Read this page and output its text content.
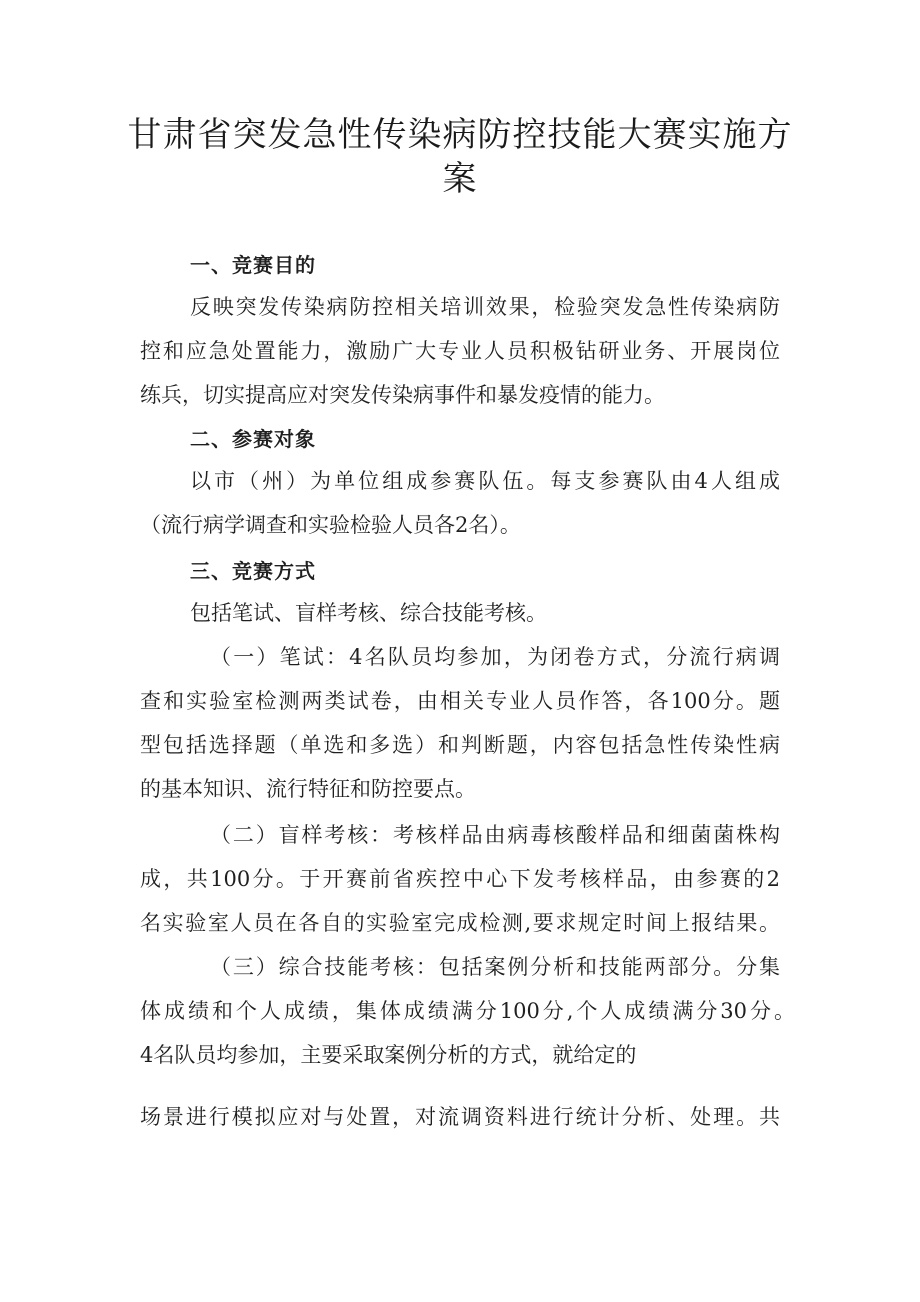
甘肃省突发急性传染病防控技能大赛实施方
案

一、竞赛目的

反映突发传染病防控相关培训效果，检验突发急性传染病防

控和应急处置能力，激励广大专业人员积极钻研业务、开展岗位

练兵，切实提高应对突发传染病事件和暴发疫情的能力。

二、参赛对象

以市（州）为单位组成参赛队伍。每支参赛队由4人组成

（流行病学调查和实验检验人员各2名）。

三、竞赛方式

包括笔试、盲样考核、综合技能考核。

（一）笔试：4名队员均参加，为闭卷方式，分流行病调

查和实验室检测两类试卷，由相关专业人员作答，各100分。题

型包括选择题（单选和多选）和判断题，内容包括急性传染性病

的基本知识、流行特征和防控要点。

（二）盲样考核：考核样品由病毒核酸样品和细菌菌株构

成，共100分。于开赛前省疾控中心下发考核样品，由参赛的2

名实验室人员在各自的实验室完成检测,要求规定时间上报结果。

（三）综合技能考核：包括案例分析和技能两部分。分集

体成绩和个人成绩，集体成绩满分100分,个人成绩满分30分。

4名队员均参加，主要采取案例分析的方式，就给定的

场景进行模拟应对与处置，对流调资料进行统计分析、处理。共
